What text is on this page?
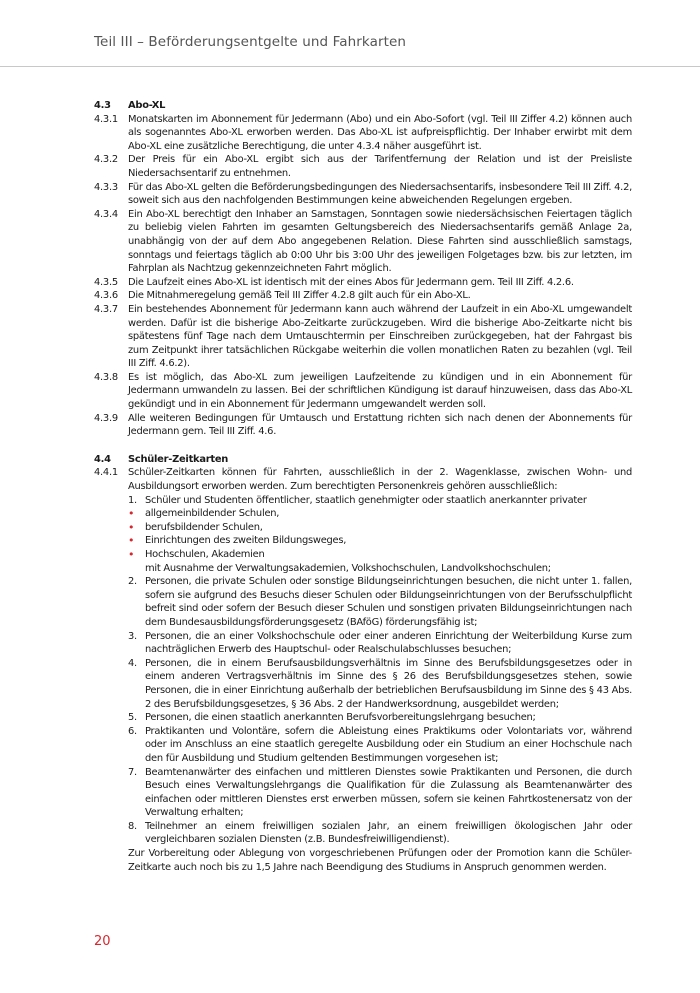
Teil III – Beförderungsentgelte und Fahrkarten
4.3	Abo-XL
4.3.1	Monatskarten im Abonnement für Jedermann (Abo) und ein Abo-Sofort (vgl. Teil III Ziffer 4.2) können auch als sogenanntes Abo-XL erworben werden. Das Abo-XL ist aufpreispflichtig. Der Inhaber erwirbt mit dem Abo-XL eine zusätzliche Berechtigung, die unter 4.3.4 näher ausgeführt ist.
4.3.2	Der Preis für ein Abo-XL ergibt sich aus der Tarifentfernung der Relation und ist der Preisliste Niedersachsentarif zu entnehmen.
4.3.3	Für das Abo-XL gelten die Beförderungsbedingungen des Niedersachsentarifs, insbesondere Teil III Ziff. 4.2, soweit sich aus den nachfolgenden Bestimmungen keine abweichenden Regelungen ergeben.
4.3.4	Ein Abo-XL berechtigt den Inhaber an Samstagen, Sonntagen sowie niedersächsischen Feiertagen täglich zu beliebig vielen Fahrten im gesamten Geltungsbereich des Niedersachsentarifs gemäß Anlage 2a, unabhängig von der auf dem Abo angegebenen Relation. Diese Fahrten sind ausschließlich samstags, sonntags und feiertags täglich ab 0:00 Uhr bis 3:00 Uhr des jeweiligen Folgetages bzw. bis zur letzten, im Fahrplan als Nachtzug gekennzeichneten Fahrt möglich.
4.3.5	Die Laufzeit eines Abo-XL ist identisch mit der eines Abos für Jedermann gem. Teil III Ziff. 4.2.6.
4.3.6	Die Mitnahmeregelung gemäß Teil III Ziffer 4.2.8 gilt auch für ein Abo-XL.
4.3.7	Ein bestehendes Abonnement für Jedermann kann auch während der Laufzeit in ein Abo-XL umgewandelt werden. Dafür ist die bisherige Abo-Zeitkarte zurückzugeben. Wird die bisherige Abo-Zeitkarte nicht bis spätestens fünf Tage nach dem Umtauschtermin per Einschreiben zurückgegeben, hat der Fahrgast bis zum Zeitpunkt ihrer tatsächlichen Rückgabe weiterhin die vollen monatlichen Raten zu bezahlen (vgl. Teil III Ziff. 4.6.2).
4.3.8	Es ist möglich, das Abo-XL zum jeweiligen Laufzeitende zu kündigen und in ein Abonnement für Jedermann umwandeln zu lassen. Bei der schriftlichen Kündigung ist darauf hinzuweisen, dass das Abo-XL gekündigt und in ein Abonnement für Jedermann umgewandelt werden soll.
4.3.9	Alle weiteren Bedingungen für Umtausch und Erstattung richten sich nach denen der Abonnements für Jedermann gem. Teil III Ziff. 4.6.
4.4	Schüler-Zeitkarten
4.4.1	Schüler-Zeitkarten können für Fahrten, ausschließlich in der 2. Wagenklasse, zwischen Wohn- und Ausbildungsort erworben werden. Zum berechtigten Personenkreis gehören ausschließlich:
1. Schüler und Studenten öffentlicher, staatlich genehmigter oder staatlich anerkannter privater
•	allgemeinbildender Schulen,
•	berufsbildender Schulen,
•	Einrichtungen des zweiten Bildungsweges,
•	Hochschulen, Akademien
mit Ausnahme der Verwaltungsakademien, Volkshochschulen, Landvolkshochschulen;
2. Personen, die private Schulen oder sonstige Bildungseinrichtungen besuchen, die nicht unter 1. fallen, sofern sie aufgrund des Besuchs dieser Schulen oder Bildungseinrichtungen von der Berufsschulpflicht befreit sind oder sofern der Besuch dieser Schulen und sonstigen privaten Bildungseinrichtungen nach dem Bundesausbildungsförderungsgesetz (BAföG) förderungsfähig ist;
3. Personen, die an einer Volkshochschule oder einer anderen Einrichtung der Weiterbildung Kurse zum nachträglichen Erwerb des Hauptschul- oder Realschulabschlusses besuchen;
4. Personen, die in einem Berufsausbildungsverhältnis im Sinne des Berufsbildungsgesetzes oder in einem anderen Vertragsverhältnis im Sinne des § 26 des Berufsbildungsgesetzes stehen, sowie Personen, die in einer Einrichtung außerhalb der betrieblichen Berufsausbildung im Sinne des § 43 Abs. 2 des Berufsbildungsgesetzes, § 36 Abs. 2 der Handwerksordnung, ausgebildet werden;
5. Personen, die einen staatlich anerkannten Berufsvorbereitungslehrgang besuchen;
6. Praktikanten und Volontäre, sofern die Ableistung eines Praktikums oder Volontariats vor, während oder im Anschluss an eine staatlich geregelte Ausbildung oder ein Studium an einer Hochschule nach den für Ausbildung und Studium geltenden Bestimmungen vorgesehen ist;
7. Beamtenanwärter des einfachen und mittleren Dienstes sowie Praktikanten und Personen, die durch Besuch eines Verwaltungslehrgangs die Qualifikation für die Zulassung als Beamtenanwärter des einfachen oder mittleren Dienstes erst erwerben müssen, sofern sie keinen Fahrtkostenersatz von der Verwaltung erhalten;
8. Teilnehmer an einem freiwilligen sozialen Jahr, an einem freiwilligen ökologischen Jahr oder vergleichbaren sozialen Diensten (z.B. Bundesfreiwilligendienst).
Zur Vorbereitung oder Ablegung von vorgeschriebenen Prüfungen oder der Promotion kann die Schüler-Zeitkarte auch noch bis zu 1,5 Jahre nach Beendigung des Studiums in Anspruch genommen werden.
20
